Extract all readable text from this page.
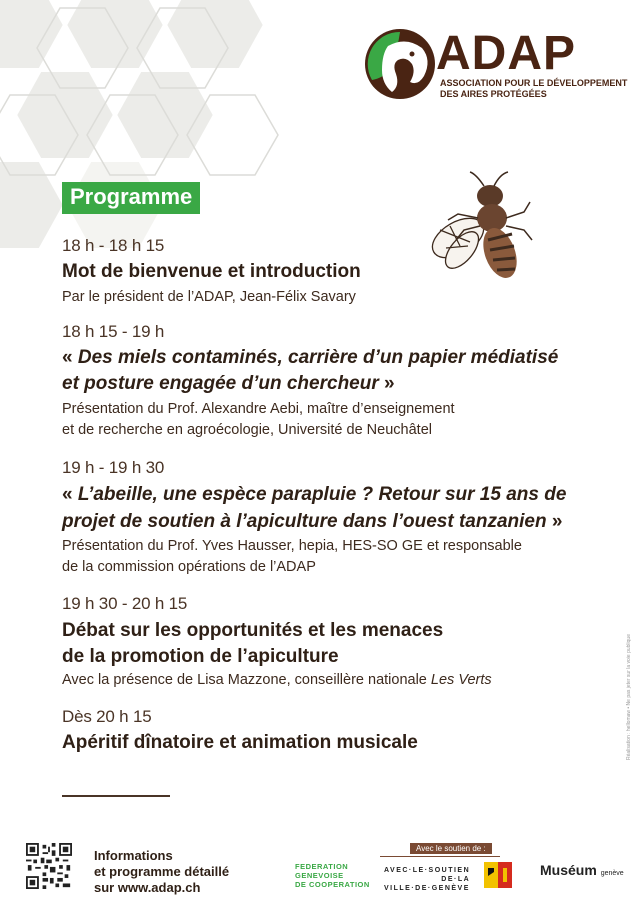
ADAP
ASSOCIATION POUR LE DÉVELOPPEMENT
DES AIRES PROTÉGÉES
Programme
18 h - 18 h 15
Mot de bienvenue et introduction
Par le président de l’ADAP, Jean-Félix Savary
18 h 15 - 19 h
« Des miels contaminés, carrière d’un papier médiatisé
et posture engagée d’un chercheur »
Présentation du Prof. Alexandre Aebi, maître d’enseignement
et de recherche en agroécologie, Université de Neuchâtel
19 h - 19 h 30
« L’abeille, une espèce parapluie ? Retour sur 15 ans de
projet de soutien à l’apiculture dans l’ouest tanzanien »
Présentation du Prof. Yves Hausser, hepia, HES-SO GE et responsable
de la commission opérations de l’ADAP
19 h 30 - 20 h 15
Débat sur les opportunités et les menaces
de la promotion de l’apiculture
Avec la présence de Lisa Mazzone, conseillère nationale Les Verts
Dès 20 h 15
Apéritif dînatoire et animation musicale	Réalisation : hellomaw • Ne pas jeter sur la voie publique
Informations
et programme détaillé
sur www.adap.ch
Avec le soutien de :
FEDERATION
GENEVOISE
DE COOPERATION
AVEC·LE·SOUTIEN
DE·LA
VILLE·DE·GENÈVE
Muséum genève
